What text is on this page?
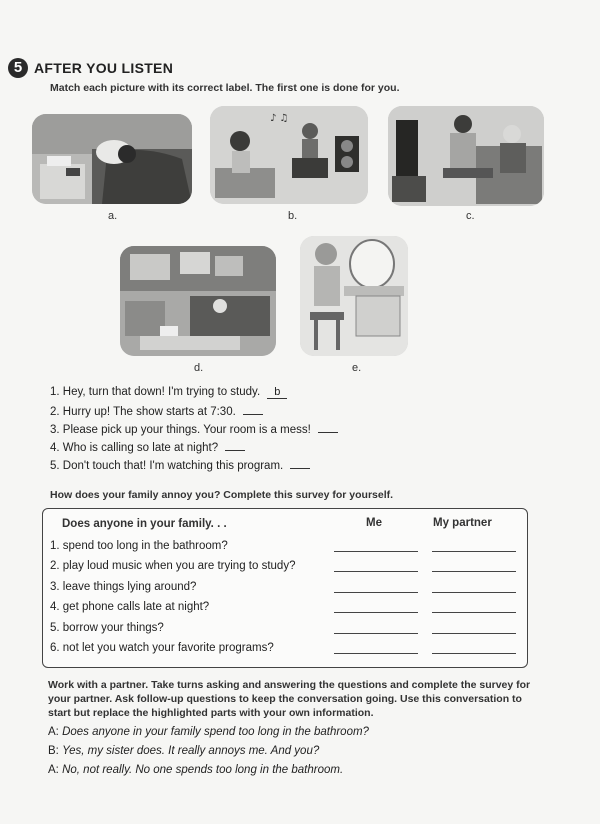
5 AFTER YOU LISTEN
Match each picture with its correct label. The first one is done for you.
a.
♪ ♫
b.	c.
d.	e.
1. Hey, turn that down! I'm trying to study. b
2. Hurry up! The show starts at 7:30.
3. Please pick up your things. Your room is a mess!
4. Who is calling so late at night?
5. Don't touch that! I'm watching this program.
How does your family annoy you? Complete this survey for yourself.
Does anyone in your family. . .	Me	My partner
1. spend too long in the bathroom?
2. play loud music when you are trying to study?
3. leave things lying around?
4. get phone calls late at night?
5. borrow your things?
6. not let you watch your favorite programs?
Work with a partner. Take turns asking and answering the questions and complete the survey for your partner. Ask follow-up questions to keep the conversation going. Use this conversation to start but replace the highlighted parts with your own information.
A: Does anyone in your family spend too long in the bathroom?
B: Yes, my sister does. It really annoys me. And you?
A: No, not really. No one spends too long in the bathroom.
